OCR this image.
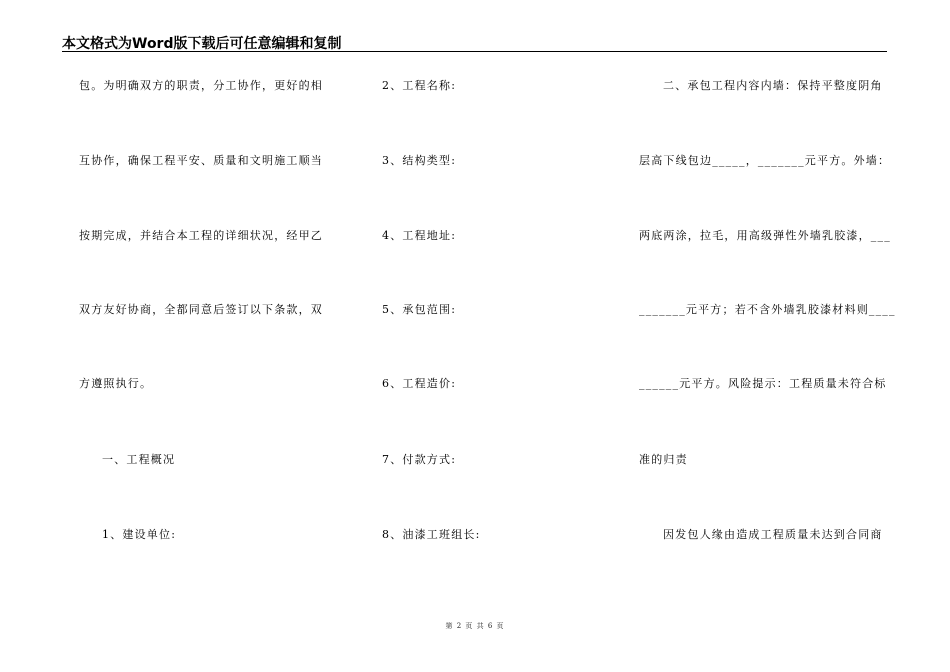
本文格式为Word版下载后可任意编辑和复制
包。为明确双方的职责，分工协作，更好的相
互协作，确保工程平安、质量和文明施工顺当
按期完成，并结合本工程的详细状况，经甲乙
双方友好协商，全都同意后签订以下条款，双
方遵照执行。
一、工程概况
1、建设单位:
2、工程名称:
3、结构类型:
4、工程地址:
5、承包范围:
6、工程造价:
7、付款方式:
8、油漆工班组长:
二、承包工程内容内墙：保持平整度阴角
层高下线包边_____，_______元平方。外墙：
两底两涂，拉毛，用高级弹性外墙乳胶漆，___
_______元平方；若不含外墙乳胶漆材料则____
______元平方。风险提示：工程质量未符合标
准的归责
因发包人缘由造成工程质量未达到合同商
第 2 页 共 6 页
